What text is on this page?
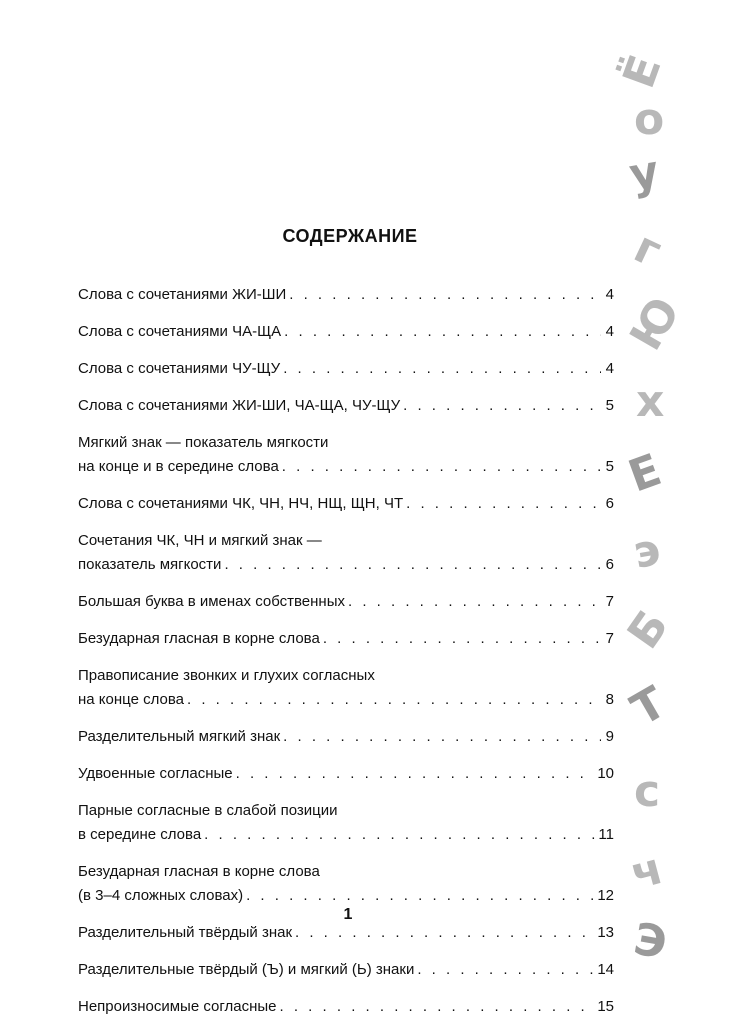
СОДЕРЖАНИЕ
Слова с сочетаниями ЖИ-ШИ . . .	4
Слова с сочетаниями ЧА-ЩА . . .	4
Слова с сочетаниями ЧУ-ЩУ . . .	4
Слова с сочетаниями ЖИ-ШИ, ЧА-ЩА, ЧУ-ЩУ . . .	5
Мягкий знак — показатель мягкости
на конце и в середине слова . . .	5
Слова с сочетаниями ЧК, ЧН, НЧ, НЩ, ЩН, ЧТ . . .	6
Сочетания ЧК, ЧН и мягкий знак —
показатель мягкости . . .	6
Большая буква в именах собственных . . .	7
Безударная гласная в корне слова . . .	7
Правописание звонких и глухих согласных
на конце слова . . .	8
Разделительный мягкий знак . . .	9
Удвоенные согласные . . .	10
Парные согласные в слабой позиции
в середине слова . . .	11
Безударная гласная в корне слова
(в 3–4 сложных словах) . . .	12
Разделительный твёрдый знак . . .	13
Разделительные твёрдый (Ъ) и мягкий (Ь) знаки . . .	14
Непроизносимые согласные . . .	15
1
Ё
о
у
г
Ю
х
Е
э
Б
Т
с
ч
Э
